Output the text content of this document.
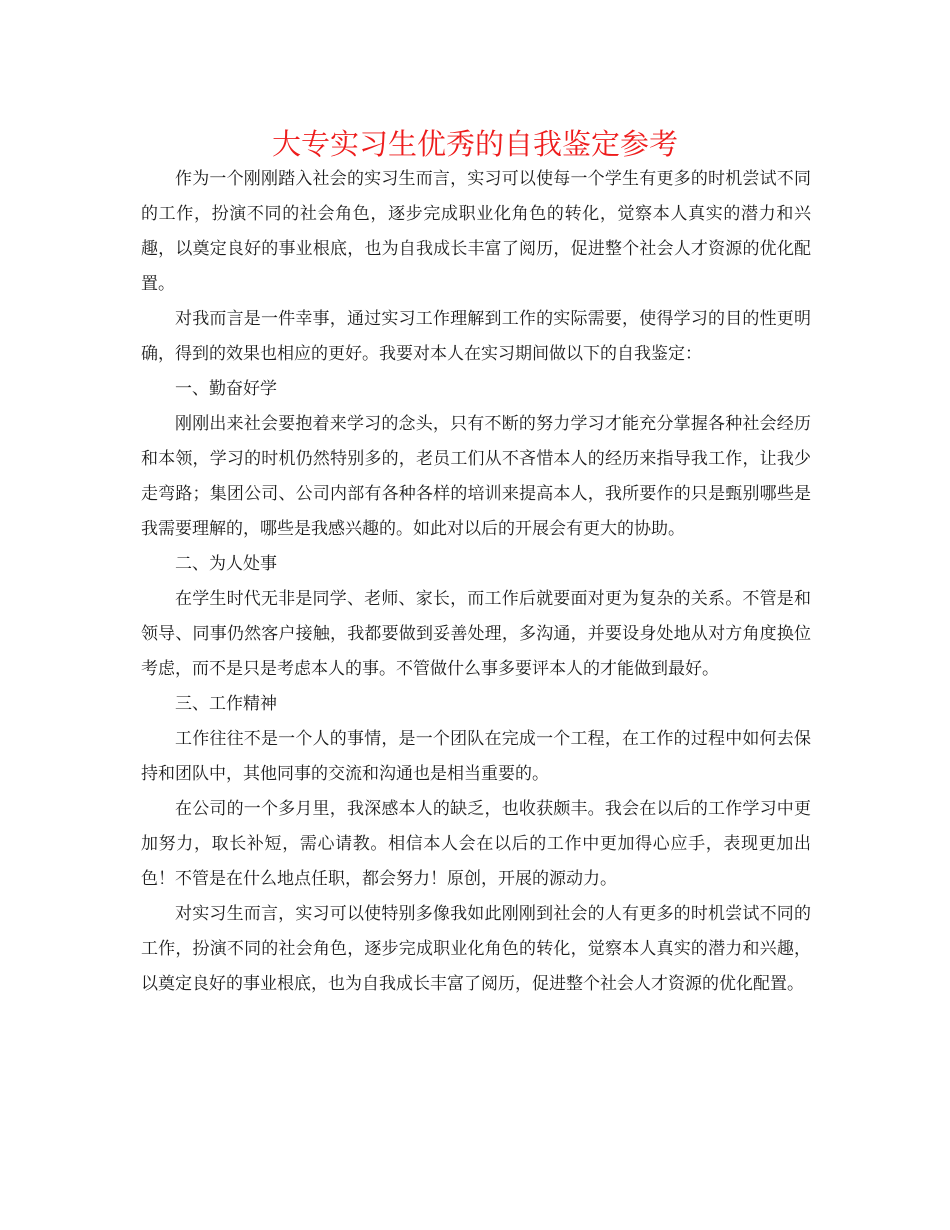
大专实习生优秀的自我鉴定参考

作为一个刚刚踏入社会的实习生而言，实习可以使每一个学生有更多的时机尝试不同的工作，扮演不同的社会角色，逐步完成职业化角色的转化，觉察本人真实的潜力和兴趣，以奠定良好的事业根底，也为自我成长丰富了阅历，促进整个社会人才资源的优化配置。

对我而言是一件幸事，通过实习工作理解到工作的实际需要，使得学习的目的性更明确，得到的效果也相应的更好。我要对本人在实习期间做以下的自我鉴定：

一、勤奋好学

刚刚出来社会要抱着来学习的念头，只有不断的努力学习才能充分掌握各种社会经历和本领，学习的时机仍然特别多的，老员工们从不吝惜本人的经历来指导我工作，让我少走弯路；集团公司、公司内部有各种各样的培训来提高本人，我所要作的只是甄别哪些是我需要理解的，哪些是我感兴趣的。如此对以后的开展会有更大的协助。

二、为人处事

在学生时代无非是同学、老师、家长，而工作后就要面对更为复杂的关系。不管是和领导、同事仍然客户接触，我都要做到妥善处理，多沟通，并要设身处地从对方角度换位考虑，而不是只是考虑本人的事。不管做什么事多要评本人的才能做到最好。

三、工作精神

工作往往不是一个人的事情，是一个团队在完成一个工程，在工作的过程中如何去保持和团队中，其他同事的交流和沟通也是相当重要的。

在公司的一个多月里，我深感本人的缺乏，也收获颇丰。我会在以后的工作学习中更加努力，取长补短，需心请教。相信本人会在以后的工作中更加得心应手，表现更加出色！不管是在什么地点任职，都会努力！原创，开展的源动力。

对实习生而言，实习可以使特别多像我如此刚刚到社会的人有更多的时机尝试不同的工作，扮演不同的社会角色，逐步完成职业化角色的转化，觉察本人真实的潜力和兴趣，以奠定良好的事业根底，也为自我成长丰富了阅历，促进整个社会人才资源的优化配置。
